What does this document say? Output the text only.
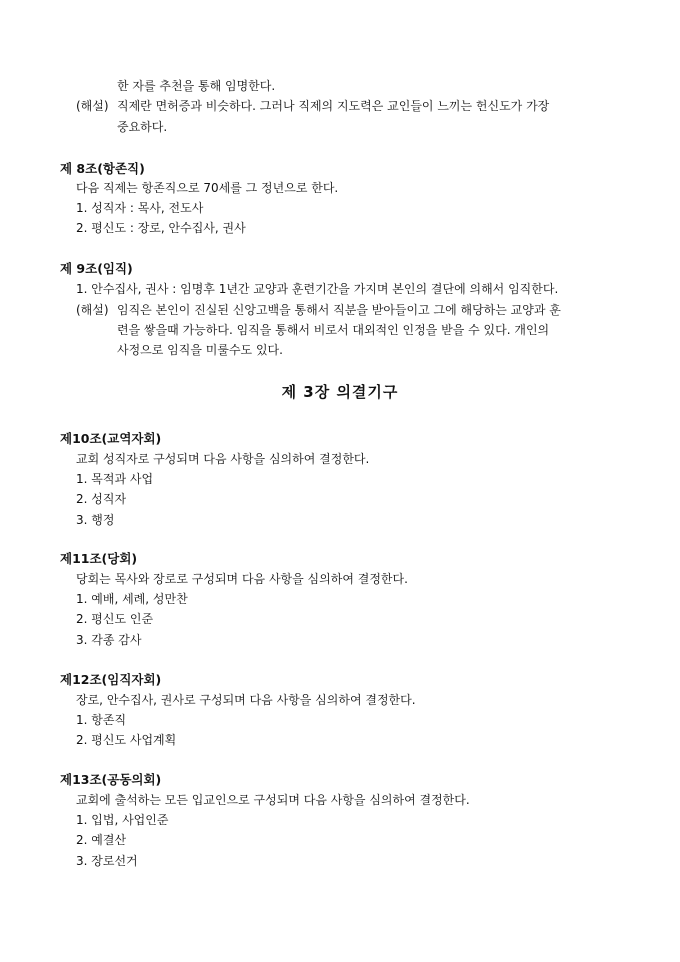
한 자를 추천을 통해 임명한다.
(해설) 직제란 면허증과 비슷하다. 그러나 직제의 지도력은 교인들이 느끼는 헌신도가 가장
중요하다.
제 8조(항존직)
다음 직제는 항존직으로 70세를 그 정년으로 한다.
1. 성직자 : 목사, 전도사
2. 평신도 : 장로, 안수집사, 권사
제 9조(임직)
1. 안수집사, 권사 : 임명후 1년간 교양과 훈련기간을 가지며 본인의 결단에 의해서 임직한다.
(해설) 임직은 본인이 진실된 신앙고백을 통해서 직분을 받아들이고 그에 해당하는 교양과 훈
련을 쌓을때 가능하다. 임직을 통해서 비로서 대외적인 인정을 받을 수 있다. 개인의
사정으로 임직을 미룰수도 있다.
제 3장 의결기구
제10조(교역자회)
교회 성직자로 구성되며 다음 사항을 심의하여 결정한다.
1. 목적과 사업
2. 성직자
3. 행정
제11조(당회)
당회는 목사와 장로로 구성되며 다음 사항을 심의하여 결정한다.
1. 예배, 세례, 성만찬
2. 평신도 인준
3. 각종 감사
제12조(임직자회)
장로, 안수집사, 권사로 구성되며 다음 사항을 심의하여 결정한다.
1. 항존직
2. 평신도 사업계획
제13조(공동의회)
교회에 출석하는 모든 입교인으로 구성되며 다음 사항을 심의하여 결정한다.
1. 입법, 사업인준
2. 예결산
3. 장로선거
